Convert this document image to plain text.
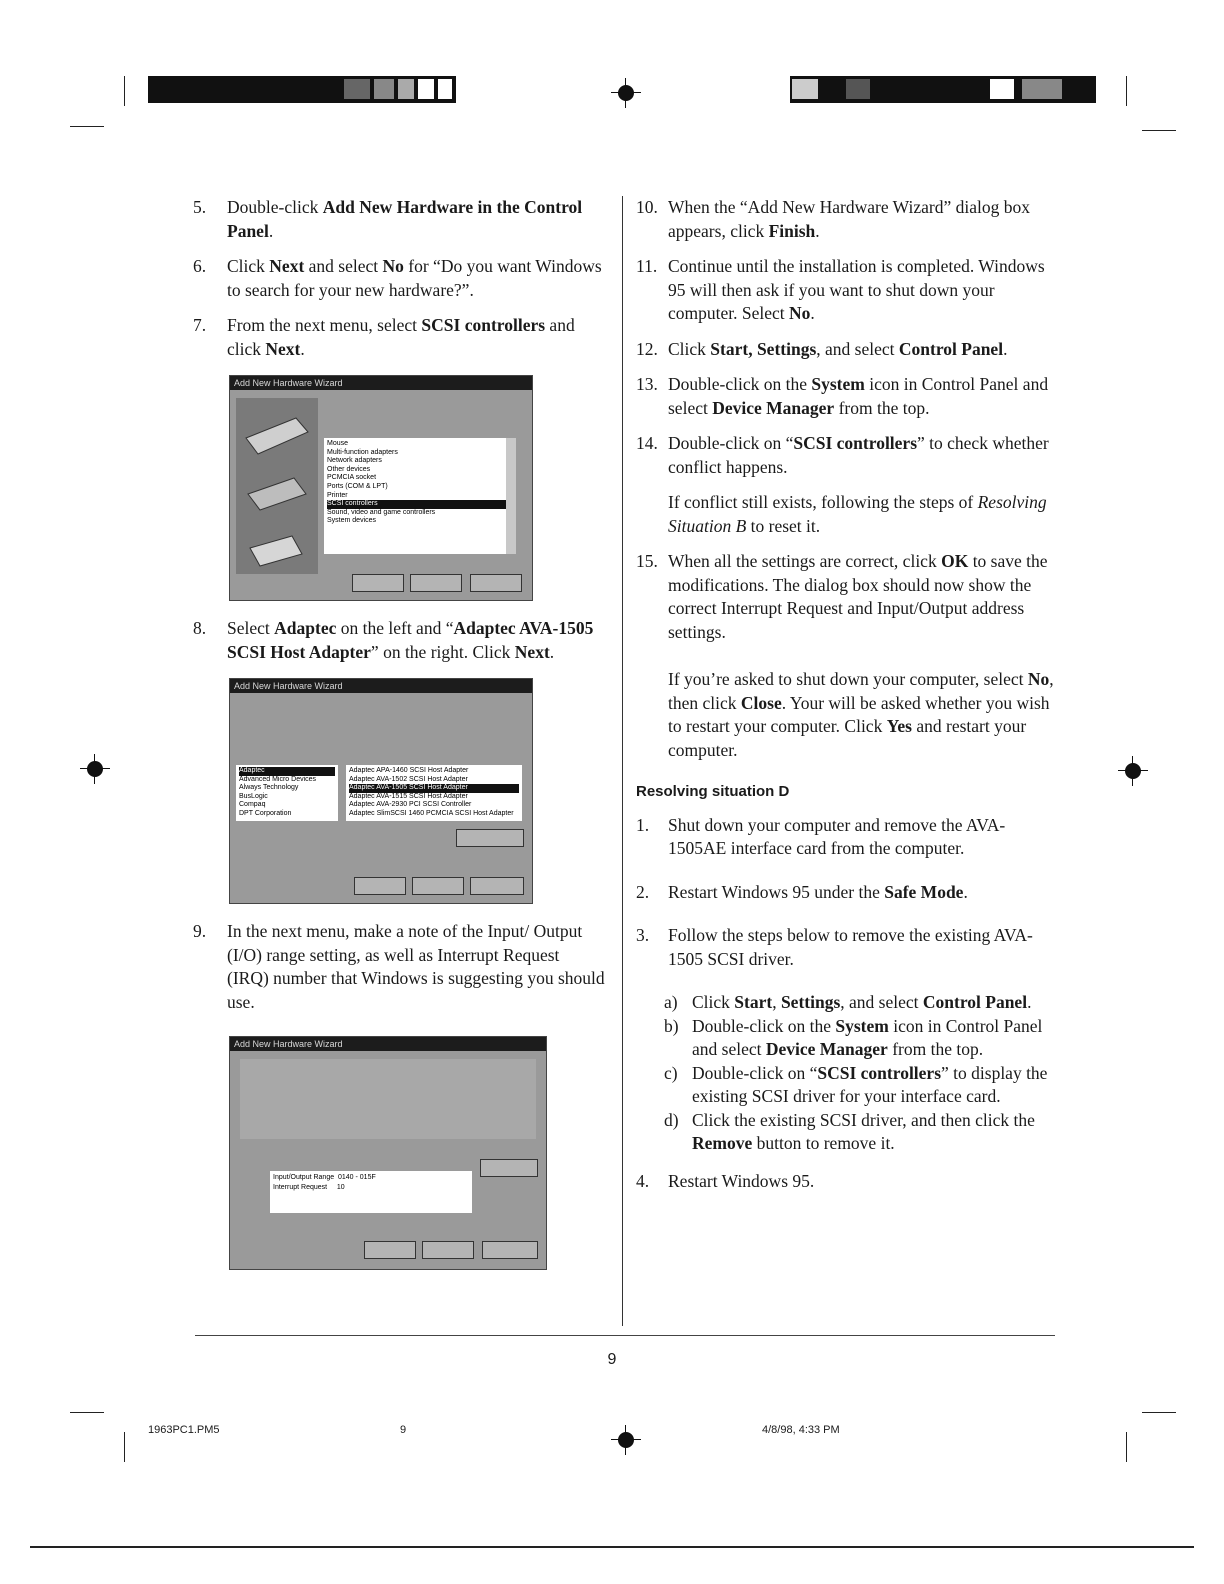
5. Double-click Add New Hardware in the Control Panel.
6. Click Next and select No for “Do you want Windows to search for your new hardware?”.
7. From the next menu, select SCSI controllers and click Next.
Add New Hardware Wizard
Mouse
Multi-function adapters
Network adapters
Other devices
PCMCIA socket
Ports (COM & LPT)
Printer
SCSI controllers
Sound, video and game controllers
System devices
8. Select Adaptec on the left and “Adaptec AVA-1505 SCSI Host Adapter” on the right. Click Next.
Add New Hardware Wizard
Adaptec
Advanced Micro Devices
Always Technology
BusLogic
Compaq
DPT Corporation
Adaptec APA-1460 SCSI Host Adapter
Adaptec AVA-1502 SCSI Host Adapter
Adaptec AVA-1505 SCSI Host Adapter
Adaptec AVA-1515 SCSI Host Adapter
Adaptec AVA-2930 PCI SCSI Controller
Adaptec SlimSCSI 1460 PCMCIA SCSI Host Adapter
9. In the next menu, make a note of the Input/ Output (I/O) range setting, as well as Interrupt Request (IRQ) number that Windows is suggesting you should use.
Add New Hardware Wizard
Input/Output Range 0140 - 015F
Interrupt Request 10
10. When the “Add New Hardware Wizard” dialog box appears, click Finish.
11. Continue until the installation is completed. Windows 95 will then ask if you want to shut down your computer. Select No.
12. Click Start, Settings, and select Control Panel.
13. Double-click on the System icon in Control Panel and select Device Manager from the top.
14. Double-click on “SCSI controllers” to check whether conflict happens.
If conflict still exists, following the steps of Resolving Situation B to reset it.
15. When all the settings are correct, click OK to save the modifications. The dialog box should now show the correct Interrupt Request and Input/Output address settings.
If you’re asked to shut down your computer, select No, then click Close. Your will be asked whether you wish to restart your computer. Click Yes and restart your computer.
Resolving situation D
1. Shut down your computer and remove the AVA-1505AE interface card from the computer.
2. Restart Windows 95 under the Safe Mode.
3. Follow the steps below to remove the existing AVA-1505 SCSI driver.
a) Click Start, Settings, and select Control Panel.
b) Double-click on the System icon in Control Panel and select Device Manager from the top.
c) Double-click on “SCSI controllers” to display the existing SCSI driver for your interface card.
d) Click the existing SCSI driver, and then click the Remove button to remove it.
4. Restart Windows 95.
9
1963PC1.PM5	9	4/8/98, 4:33 PM
